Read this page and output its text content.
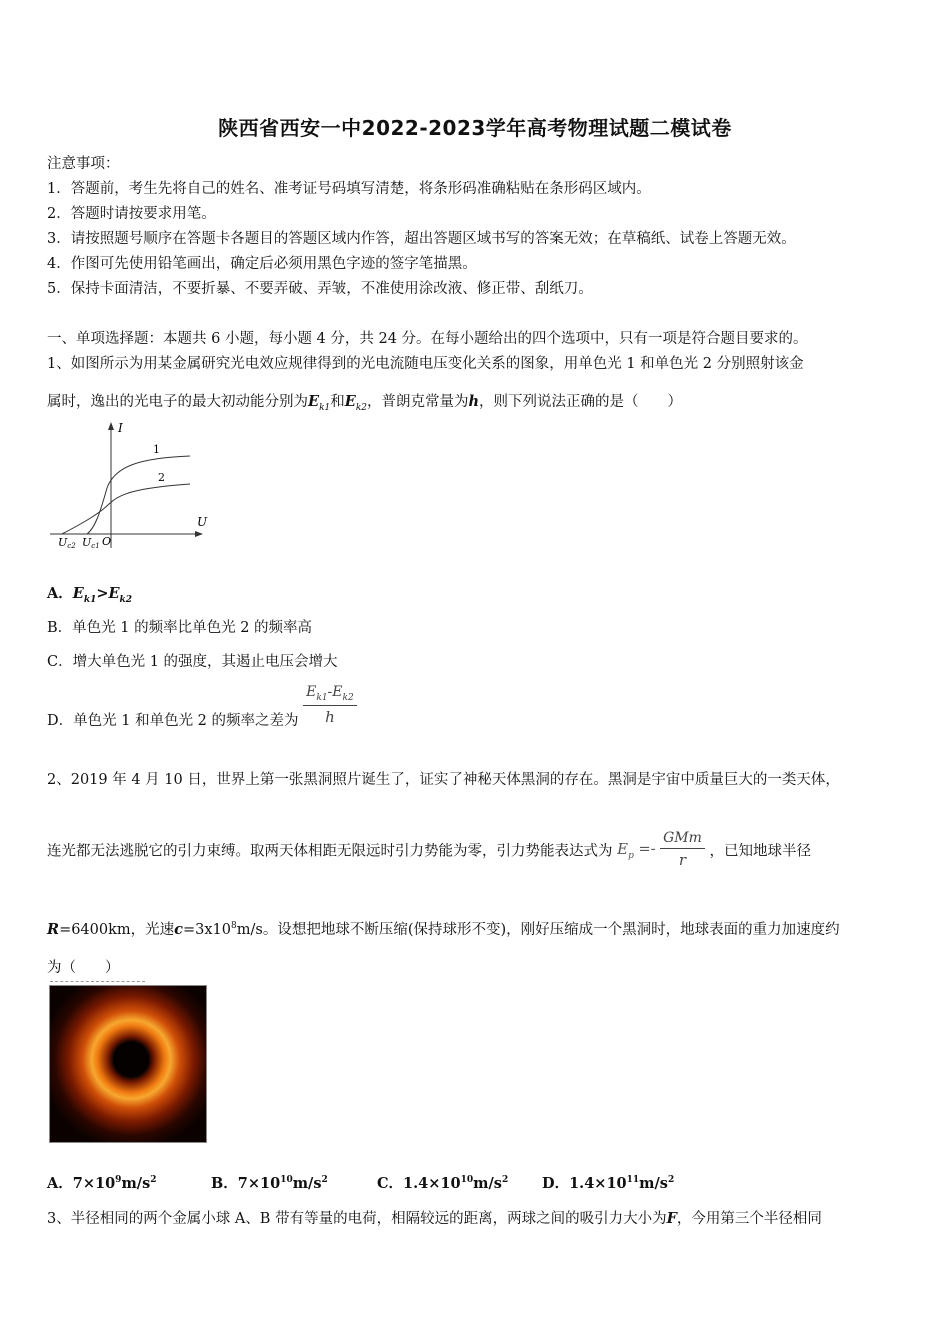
陕西省西安一中2022-2023学年高考物理试题二模试卷
注意事项：
1．答题前，考生先将自己的姓名、准考证号码填写清楚，将条形码准确粘贴在条形码区域内。
2．答题时请按要求用笔。
3．请按照题号顺序在答题卡各题目的答题区域内作答，超出答题区域书写的答案无效；在草稿纸、试卷上答题无效。
4．作图可先使用铅笔画出，确定后必须用黑色字迹的签字笔描黑。
5．保持卡面清洁，不要折暴、不要弄破、弄皱，不准使用涂改液、修正带、刮纸刀。
一、单项选择题：本题共 6 小题，每小题 4 分，共 24 分。在每小题给出的四个选项中，只有一项是符合题目要求的。
1、如图所示为用某金属研究光电效应规律得到的光电流随电压变化关系的图象，用单色光 1 和单色光 2 分别照射该金
属时，逸出的光电子的最大初动能分别为$E_{k1}$和$E_{k2}$，普朗克常量为h，则下列说法正确的是（　　）
I
U
1
2
O
Uc2 Uc1
A．$E_{k1}>E_{k2}$
B．单色光 1 的频率比单色光 2 的频率高
C．增大单色光 1 的强度，其遏止电压会增大
D．单色光 1 和单色光 2 的频率之差为 $\frac{E_{k1}-E_{k2}}{h}$
2、2019 年 4 月 10 日，世界上第一张黑洞照片诞生了，证实了神秘天体黑洞的存在。黑洞是宇宙中质量巨大的一类天体，
连光都无法逃脱它的引力束缚。取两天体相距无限远时引力势能为零，引力势能表达式为 $E_p =- \frac{\text{GMm}}{r}$ ，已知地球半径
R=6400km，光速$c=3x10^8m/s$。设想把地球不断压缩(保持球形不变)，刚好压缩成一个黑洞时，地球表面的重力加速度约
为（　　）
A．$7\times 10^9m/s^2$	B．$7\times 10^{10}m/s^2$	C．$1.4\times 10^{10}m/s^2$ D．$1.4\times 10^{11}m/s^2$
3、半径相同的两个金属小球 A、B 带有等量的电荷，相隔较远的距离，两球之间的吸引力大小为F，今用第三个半径相同
